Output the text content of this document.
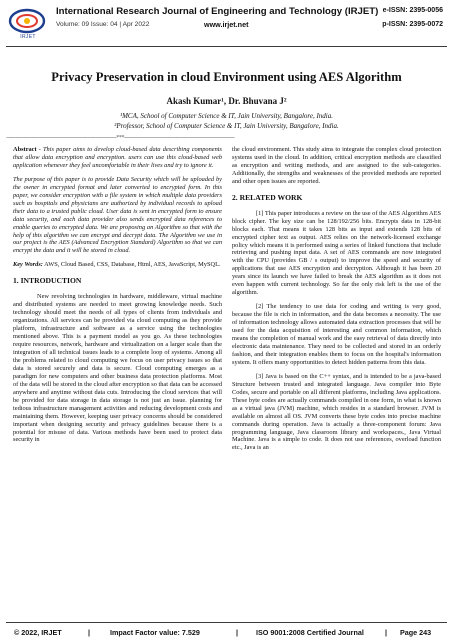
IRJET
International Research Journal of Engineering and Technology (IRJET)
Volume: 09 Issue: 04 | Apr 2022	www.irjet.net
e-ISSN: 2395-0056
p-ISSN: 2395-0072
Privacy Preservation in cloud Environment using AES Algorithm
Akash Kumar¹, Dr. Bhuvana J²
¹MCA, School of Computer Science & IT, Jain University, Bangalore, India.
²Professor, School of Computer Science & IT, Jain University, Bangalore, India.
---------------------------------------------------------------------***---------------------------------------------------------------------

Abstract - This paper aims to develop cloud-based data describing components that allow data encryption and encryption. users can use this cloud-based web application whenever they feel uncomfortable in their lives and try to ignore it.

The purpose of this paper is to provide Data Security which will be uploaded by the owner in encrypted format and later converted to encrypted form. In this paper, we consider encryption with a file system in which multiple data providers such as hospitals and physicians are authorized by individual records to upload their data to a trusted public cloud. User data is sent in encrypted form to ensure data security, and each data provider also sends encrypted data references to enable queries to encrypted data. We are proposing an Algorithm so that with the help of this algorithm we can encrypt and decrypt data. The Algorithm we use in our project is the AES (Advanced Encryption Standard) Algorithm so that we can encrypt the data and it will be stored in cloud.

Key Words: AWS, Cloud Based, CSS, Database, Html, AES, JavaScript, MySQL.

1. INTRODUCTION

New revolving technologies in hardware, middleware, virtual machine and distributed systems are needed to meet growing knowledge needs. Such technology should meet the needs of all types of clients from individuals and organizations. All services can be provided via cloud computing as they provide platform, infrastructure and software as a service using the technologies mentioned above. This is a payment model as you go. As these technologies require resources, network, hardware and virtualization on a larger scale than the integration of all technical issues leads to a complete loop of systems. Among all the problems related to cloud computing we focus on user privacy issues so that data is stored securely and data is secure. Cloud computing emerges as a paradigm for new computers and other business data protection platforms. Most of the data will be stored in the cloud after encryption so that data can be accessed anywhere and anytime without data cuts. Introducing the cloud services that will be provided for data storage in data storage is not just an issue. planning for tedious infrastructure management activities and reducing development costs and maintaining them. However, keeping user privacy concerns should be considered important when designing security and privacy guidelines because there is a potential for misuse of data. Various methods have been used to protect data security in

the cloud environment. This study aims to integrate the complex cloud protection systems used in the cloud. In addition, critical encryption methods are classified as encryption and writing methods, and are assigned to the sub-categories. Additionally, the strengths and weaknesses of the provided methods are reported and other open issues are reported.

2. RELATED WORK

[1] This paper introduces a review on the use of the AES Algorithm AES block cipher. The key size can be 128/192/256 bits. Encrypts data in 128-bit blocks each. That means it takes 128 bits as input and extends 128 bits of encrypted cipher text as output. AES relies on the network-licensed exchange policy which means it is performed using a series of linked functions that include retrieving and pushing input data. A set of AES commands are now integrated with the CPU (provides GB / s output) to improve the speed and security of applications that use AES encryption and decryption. Although it has been 20 years since its launch we have failed to break the AES algorithm as it does not even happen with current technology. So far the only risk left is the use of the algorithm.

[2] The tendency to use data for coding and writing is very good, because the file is rich in information, and the data becomes a necessity. The use of information technology allows automated data extraction processes that will be used for the data acquisition of interesting and common information, which means the completion of manual work and the easy retrieval of data directly into electronic data maintenance. They need to be collected and stored in an orderly fashion, and their integration enables them to focus on the hospital's information system. It offers many opportunities to detect hidden patterns from this data.

[3] Java is based on the C++ syntax, and is intended to be a java-based Structure between trusted and integrated language. Java compiler into Byte Codes, secure and portable on all different platforms, including Java applications. These byte codes are actually commands compiled in one form, in what is known as a virtual java (JVM) machine, which resides in a standard browser. JVM is available on almost all OS. JVM converts these byte codes into precise machine commands during operation. Java is actually a three-component forum: Java programming language, Java classroom library and workspaces., Java Virtual Machine. Java is a simple to code. It does not use references, overload function etc., Java is an

© 2022, IRJET	|	Impact Factor value: 7.529	| ISO 9001:2008 Certified Journal	| Page 243
